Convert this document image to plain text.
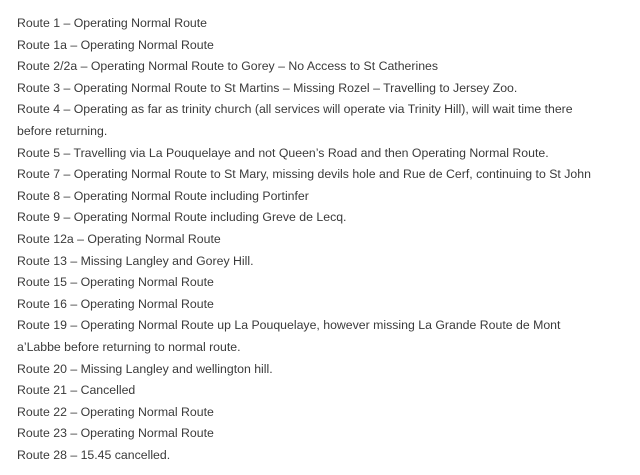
Route 1 – Operating Normal Route
Route 1a – Operating Normal Route
Route 2/2a – Operating Normal Route to Gorey – No Access to St Catherines
Route 3 – Operating Normal Route to St Martins – Missing Rozel – Travelling to Jersey Zoo.
Route 4 – Operating as far as trinity church (all services will operate via Trinity Hill), will wait time there
before returning.
Route 5 – Travelling via La Pouquelaye and not Queen’s Road and then Operating Normal Route.
Route 7 – Operating Normal Route to St Mary, missing devils hole and Rue de Cerf, continuing to St John
Route 8 – Operating Normal Route including Portinfer
Route 9 – Operating Normal Route including Greve de Lecq.
Route 12a – Operating Normal Route
Route 13 – Missing Langley and Gorey Hill.
Route 15 – Operating Normal Route
Route 16 – Operating Normal Route
Route 19 – Operating Normal Route up La Pouquelaye, however missing La Grande Route de Mont
a’Labbe before returning to normal route.
Route 20 – Missing Langley and wellington hill.
Route 21 – Cancelled
Route 22 – Operating Normal Route
Route 23 – Operating Normal Route
Route 28 – 15.45 cancelled.
